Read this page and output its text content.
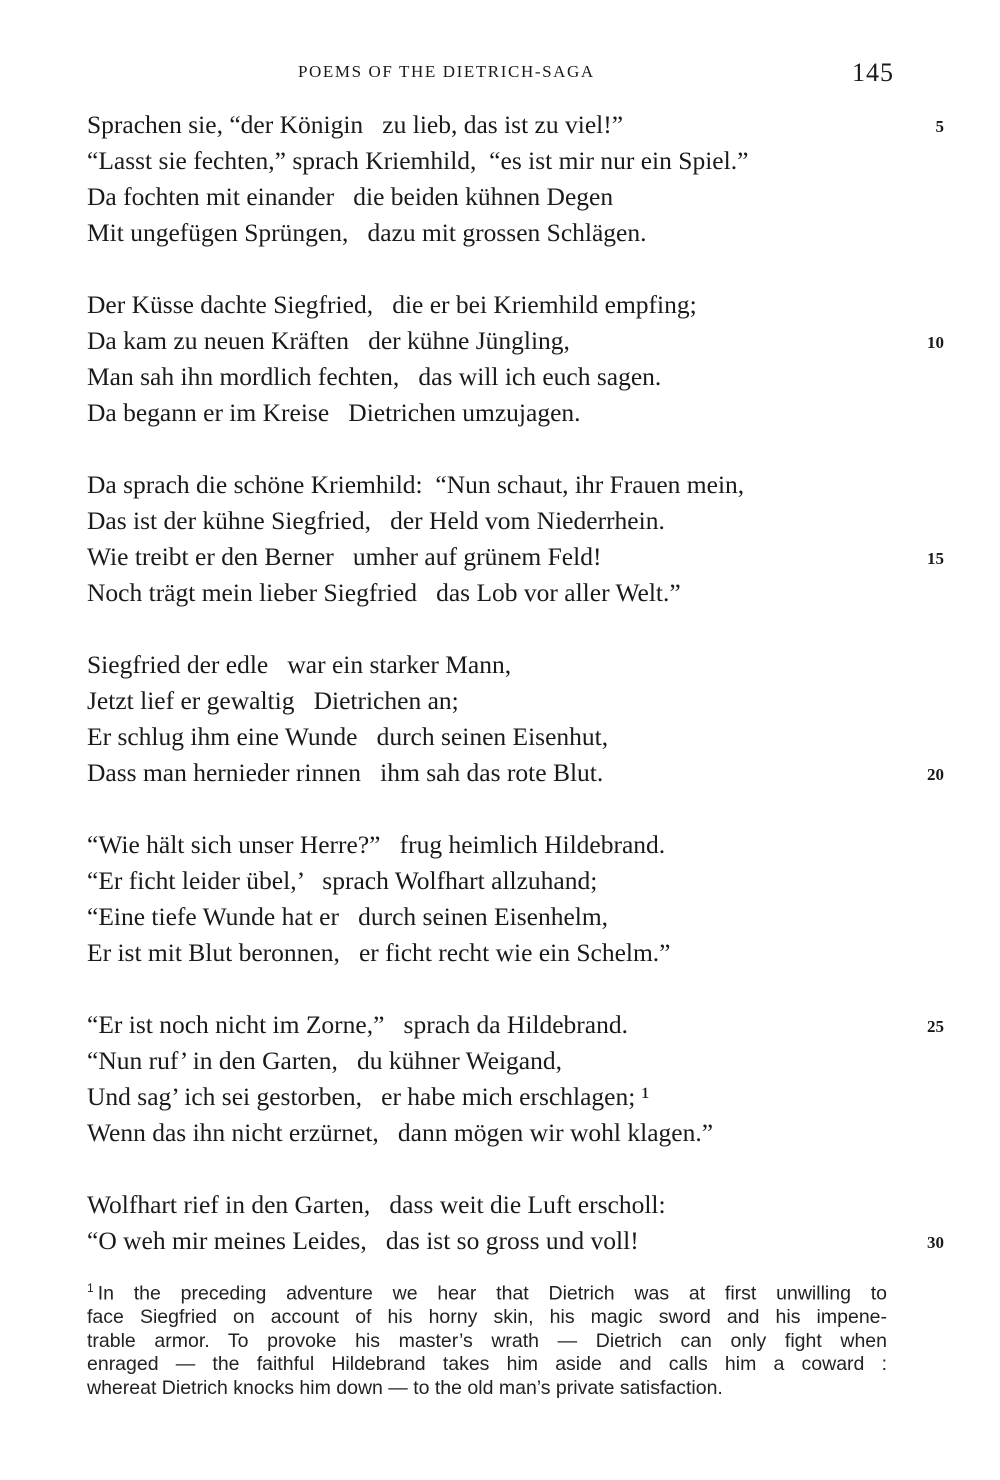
POEMS OF THE DIETRICH-SAGA	145

Sprachen sie, “der Königin   zu lieb, das ist zu viel!”

	5

“Lasst sie fechten,” sprach Kriemhild,  “es ist mir nur ein Spiel.”

Da fochten mit einander   die beiden kühnen Degen

Mit ungefügen Sprüngen,   dazu mit grossen Schlägen.

Der Küsse dachte Siegfried,   die er bei Kriemhild empfing;

Da kam zu neuen Kräften   der kühne Jüngling,

	10

Man sah ihn mordlich fechten,   das will ich euch sagen.

Da begann er im Kreise   Dietrichen umzujagen.

Da sprach die schöne Kriemhild:  “Nun schaut, ihr Frauen mein,

Das ist der kühne Siegfried,   der Held vom Niederrhein.

Wie treibt er den Berner   umher auf grünem Feld!

	15

Noch trägt mein lieber Siegfried   das Lob vor aller Welt.”

Siegfried der edle   war ein starker Mann,

Jetzt lief er gewaltig   Dietrichen an;

Er schlug ihm eine Wunde   durch seinen Eisenhut,

Dass man hernieder rinnen   ihm sah das rote Blut.

	20

“Wie hält sich unser Herre?”   frug heimlich Hildebrand.

“Er ficht leider übel,’   sprach Wolfhart allzuhand;

“Eine tiefe Wunde hat er   durch seinen Eisenhelm,

Er ist mit Blut beronnen,   er ficht recht wie ein Schelm.”

“Er ist noch nicht im Zorne,”   sprach da Hildebrand.

	25

“Nun ruf’ in den Garten,   du kühner Weigand,

Und sag’ ich sei gestorben,   er habe mich erschlagen; ¹

Wenn das ihn nicht erzürnet,   dann mögen wir wohl klagen.”

Wolfhart rief in den Garten,   dass weit die Luft erscholl:

“O weh mir meines Leides,   das ist so gross und voll!

	30

$^1$ In the preceding adventure we hear that Dietrich was at first unwilling to
face Siegfried on account of his horny skin, his magic sword and his impene-
trable armor. To provoke his master’s wrath — Dietrich can only fight when
enraged — the faithful Hildebrand takes him aside and calls him a coward :
whereat Dietrich knocks him down — to the old man’s private satisfaction.
